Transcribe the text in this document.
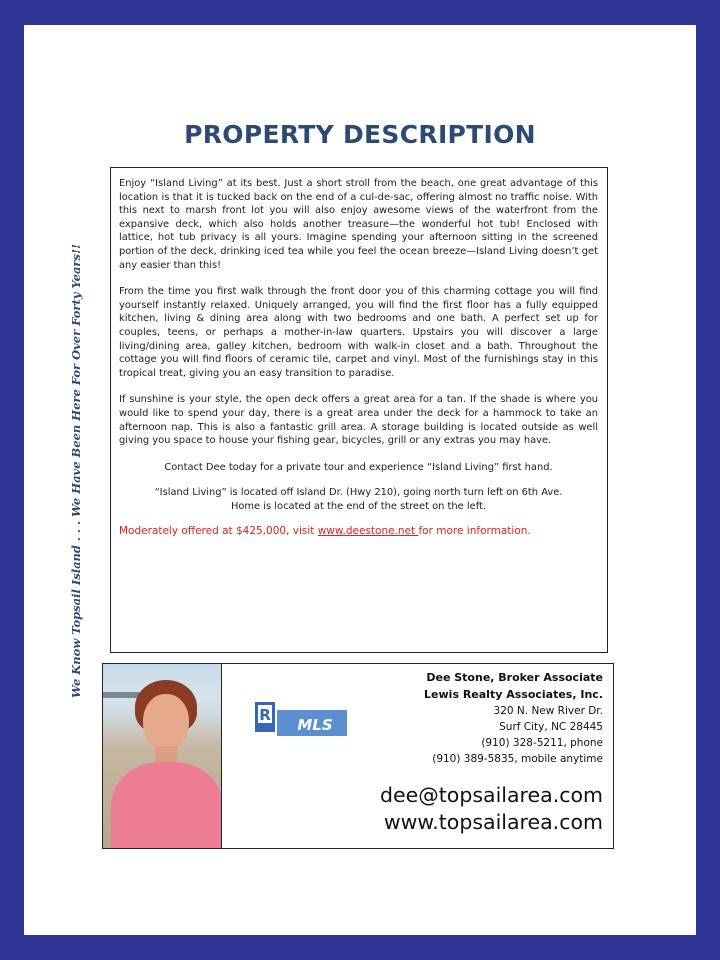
PROPERTY DESCRIPTION
We Know Topsail Island . . . We Have Been Here For Over Forty Years!!

Enjoy “Island Living” at its best. Just a short stroll from the beach, one great advantage of this location is that it is tucked back on the end of a cul-de-sac, offering almost no traffic noise. With this next to marsh front lot you will also enjoy awesome views of the waterfront from the expansive deck, which also holds another treasure—the wonderful hot tub! Enclosed with lattice, hot tub privacy is all yours. Imagine spending your afternoon sitting in the screened portion of the deck, drinking iced tea while you feel the ocean breeze—Island Living doesn’t get any easier than this!

From the time you first walk through the front door you of this charming cottage you will find yourself instantly relaxed. Uniquely arranged, you will find the first floor has a fully equipped kitchen, living & dining area along with two bedrooms and one bath. A perfect set up for couples, teens, or perhaps a mother-in-law quarters. Upstairs you will discover a large living/dining area, galley kitchen, bedroom with walk-in closet and a bath. Throughout the cottage you will find floors of ceramic tile, carpet and vinyl. Most of the furnishings stay in this tropical treat, giving you an easy transition to paradise.

If sunshine is your style, the open deck offers a great area for a tan. If the shade is where you would like to spend your day, there is a great area under the deck for a hammock to take an afternoon nap. This is also a fantastic grill area. A storage building is located outside as well giving you space to house your fishing gear, bicycles, grill or any extras you may have.

Contact Dee today for a private tour and experience “Island Living” first hand.

“Island Living” is located off Island Dr. (Hwy 210), going north turn left on 6th Ave.
Home is located at the end of the street on the left.

Moderately offered at $425,000, visit www.deestone.net for more information.

R
MLS
Dee Stone, Broker Associate
Lewis Realty Associates, Inc.
320 N. New River Dr.
Surf City, NC 28445
(910) 328-5211, phone
(910) 389-5835, mobile anytime
dee@topsailarea.com
www.topsailarea.com
